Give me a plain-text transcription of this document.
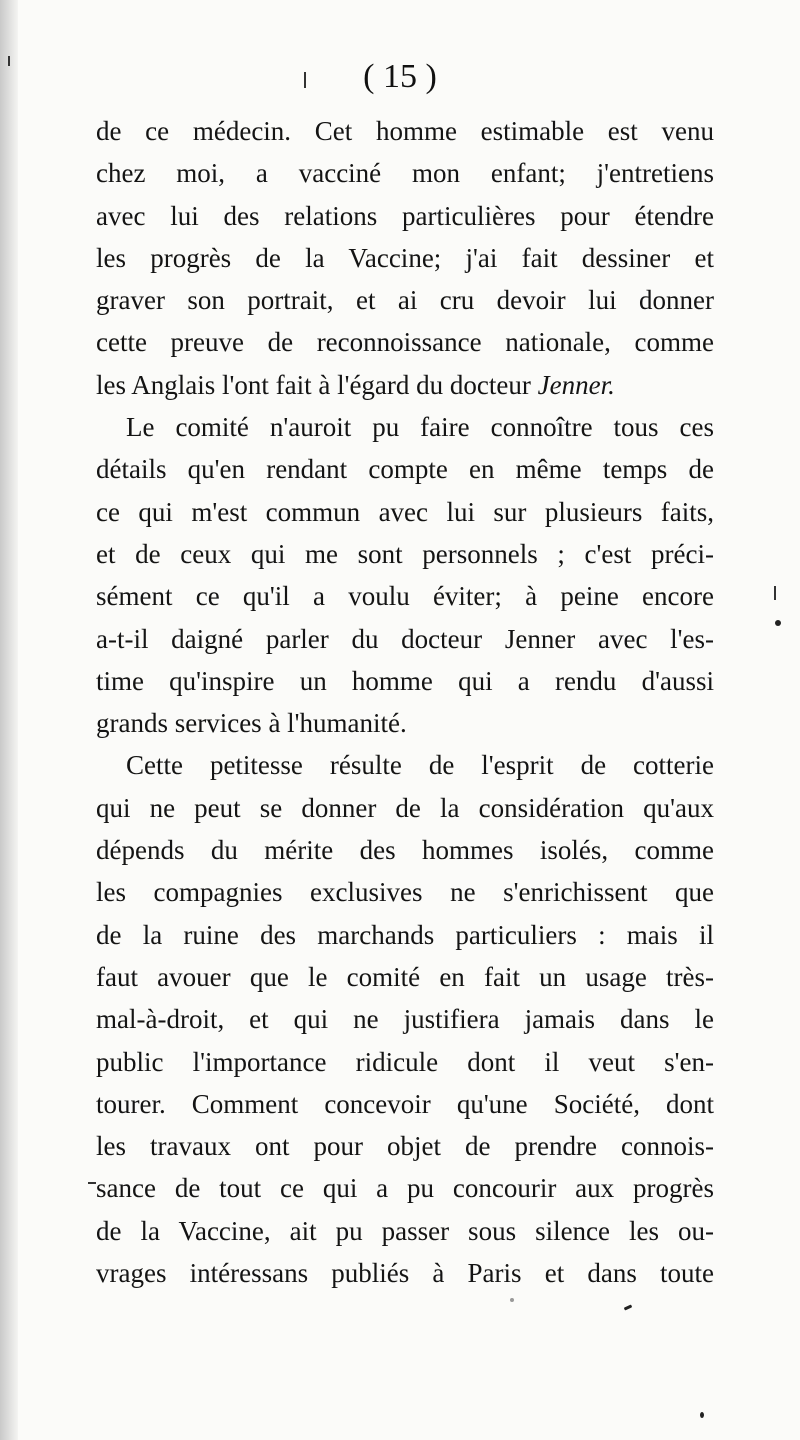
( 15 )
de ce médecin. Cet homme estimable est venu
chez moi, a vacciné mon enfant; j'entretiens
avec lui des relations particulières pour étendre
les progrès de la Vaccine; j'ai fait dessiner et
graver son portrait, et ai cru devoir lui donner
cette preuve de reconnoissance nationale, comme
les Anglais l'ont fait à l'égard du docteur Jenner.
Le comité n'auroit pu faire connoître tous ces
détails qu'en rendant compte en même temps de
ce qui m'est commun avec lui sur plusieurs faits,
et de ceux qui me sont personnels ; c'est préci-
sément ce qu'il a voulu éviter; à peine encore
a-t-il daigné parler du docteur Jenner avec l'es-
time qu'inspire un homme qui a rendu d'aussi
grands services à l'humanité.
Cette petitesse résulte de l'esprit de cotterie
qui ne peut se donner de la considération qu'aux
dépends du mérite des hommes isolés, comme
les compagnies exclusives ne s'enrichissent que
de la ruine des marchands particuliers : mais il
faut avouer que le comité en fait un usage très-
mal-à-droit, et qui ne justifiera jamais dans le
public l'importance ridicule dont il veut s'en-
tourer. Comment concevoir qu'une Société, dont
les travaux ont pour objet de prendre connois-
sance de tout ce qui a pu concourir aux progrès
de la Vaccine, ait pu passer sous silence les ou-
vrages intéressans publiés à Paris et dans toute
